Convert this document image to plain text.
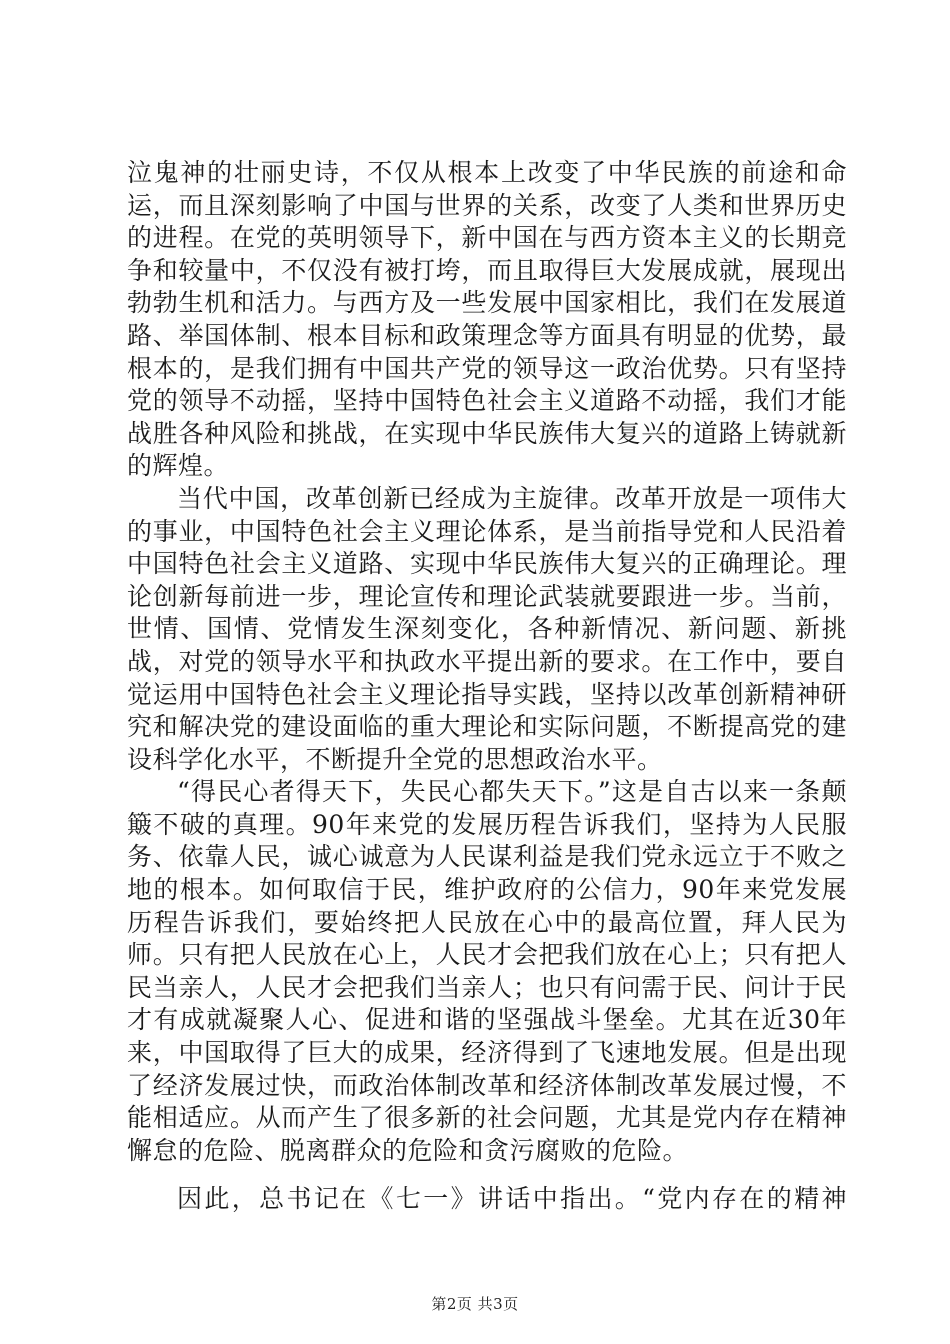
泣鬼神的壮丽史诗，不仅从根本上改变了中华民族的前途和命运，而且深刻影响了中国与世界的关系，改变了人类和世界历史的进程。在党的英明领导下，新中国在与西方资本主义的长期竞争和较量中，不仅没有被打垮，而且取得巨大发展成就，展现出勃勃生机和活力。与西方及一些发展中国家相比，我们在发展道路、举国体制、根本目标和政策理念等方面具有明显的优势，最根本的，是我们拥有中国共产党的领导这一政治优势。只有坚持党的领导不动摇，坚持中国特色社会主义道路不动摇，我们才能战胜各种风险和挑战，在实现中华民族伟大复兴的道路上铸就新的辉煌。

当代中国，改革创新已经成为主旋律。改革开放是一项伟大的事业，中国特色社会主义理论体系，是当前指导党和人民沿着中国特色社会主义道路、实现中华民族伟大复兴的正确理论。理论创新每前进一步，理论宣传和理论武装就要跟进一步。当前，世情、国情、党情发生深刻变化，各种新情况、新问题、新挑战，对党的领导水平和执政水平提出新的要求。在工作中，要自觉运用中国特色社会主义理论指导实践，坚持以改革创新精神研究和解决党的建设面临的重大理论和实际问题，不断提高党的建设科学化水平，不断提升全党的思想政治水平。

“得民心者得天下，失民心都失天下。”这是自古以来一条颠簸不破的真理。90年来党的发展历程告诉我们，坚持为人民服务、依靠人民，诚心诚意为人民谋利益是我们党永远立于不败之地的根本。如何取信于民，维护政府的公信力，90年来党发展历程告诉我们，要始终把人民放在心中的最高位置，拜人民为师。只有把人民放在心上，人民才会把我们放在心上；只有把人民当亲人，人民才会把我们当亲人；也只有问需于民、问计于民才有成就凝聚人心、促进和谐的坚强战斗堡垒。尤其在近30年来，中国取得了巨大的成果，经济得到了飞速地发展。但是出现了经济发展过快，而政治体制改革和经济体制改革发展过慢，不能相适应。从而产生了很多新的社会问题，尤其是党内存在精神懈怠的危险、脱离群众的危险和贪污腐败的危险。

因此，总书记在《七一》讲话中指出。“党内存在的精神

第2页 共3页
